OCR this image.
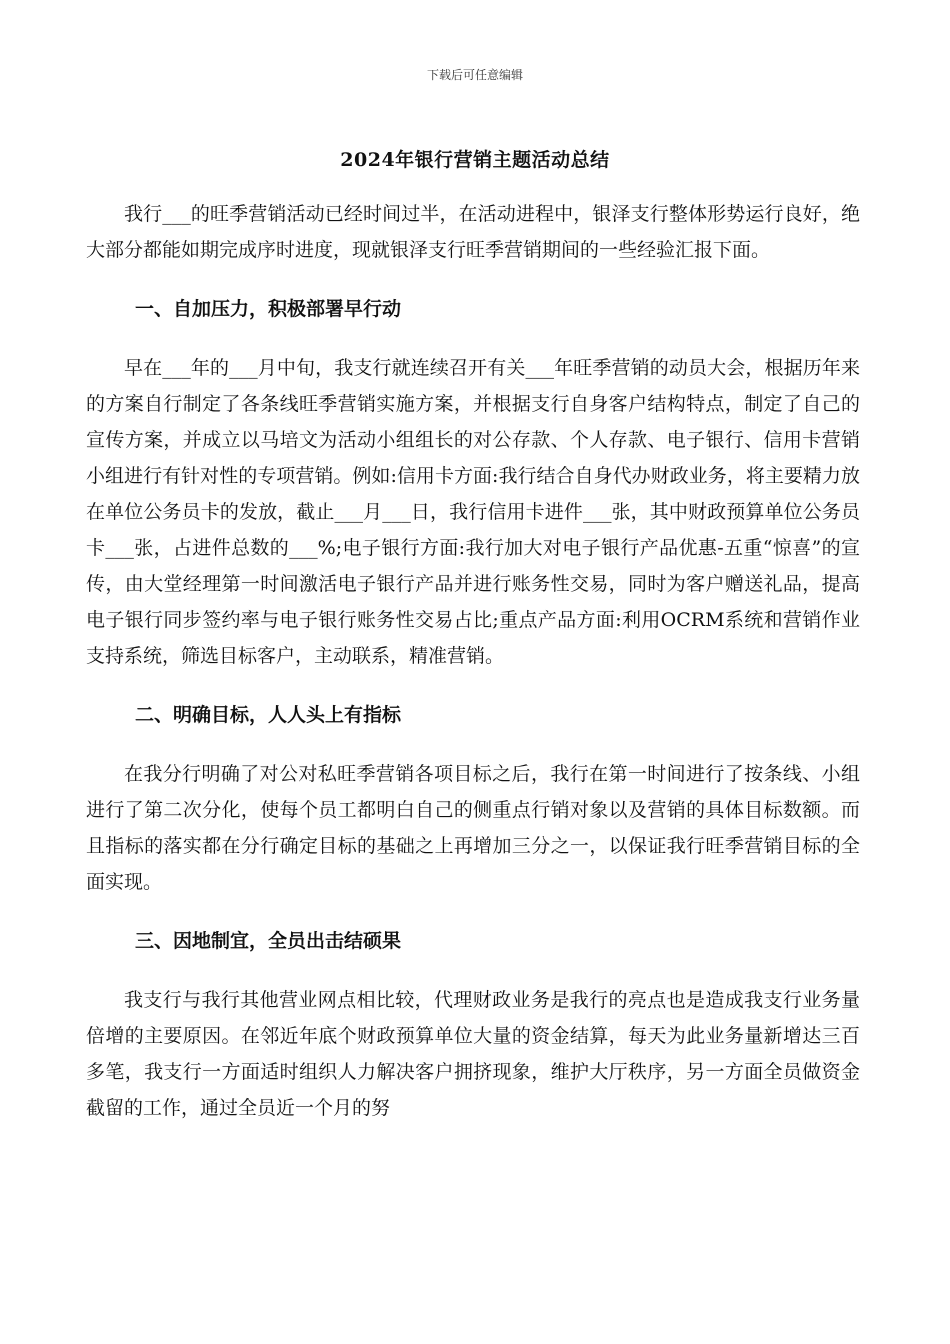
下载后可任意编辑
2024年银行营销主题活动总结

我行___的旺季营销活动已经时间过半，在活动进程中，银泽支行整体形势运行良好，绝大部分都能如期完成序时进度，现就银泽支行旺季营销期间的一些经验汇报下面。

一、自加压力，积极部署早行动

早在___年的___月中旬，我支行就连续召开有关___年旺季营销的动员大会，根据历年来的方案自行制定了各条线旺季营销实施方案，并根据支行自身客户结构特点，制定了自己的宣传方案，并成立以马培文为活动小组组长的对公存款、个人存款、电子银行、信用卡营销小组进行有针对性的专项营销。例如:信用卡方面:我行结合自身代办财政业务，将主要精力放在单位公务员卡的发放，截止___月___日，我行信用卡进件___张，其中财政预算单位公务员卡___张，占进件总数的___%;电子银行方面:我行加大对电子银行产品优惠-五重“惊喜”的宣传，由大堂经理第一时间激活电子银行产品并进行账务性交易，同时为客户赠送礼品，提高电子银行同步签约率与电子银行账务性交易占比;重点产品方面:利用OCRM系统和营销作业支持系统，筛选目标客户，主动联系，精准营销。

二、明确目标，人人头上有指标

在我分行明确了对公对私旺季营销各项目标之后，我行在第一时间进行了按条线、小组进行了第二次分化，使每个员工都明白自己的侧重点行销对象以及营销的具体目标数额。而且指标的落实都在分行确定目标的基础之上再增加三分之一，以保证我行旺季营销目标的全面实现。

三、因地制宜，全员出击结硕果

我支行与我行其他营业网点相比较，代理财政业务是我行的亮点也是造成我支行业务量倍增的主要原因。在邻近年底个财政预算单位大量的资金结算，每天为此业务量新增达三百多笔，我支行一方面适时组织人力解决客户拥挤现象，维护大厅秩序，另一方面全员做资金截留的工作，通过全员近一个月的努
